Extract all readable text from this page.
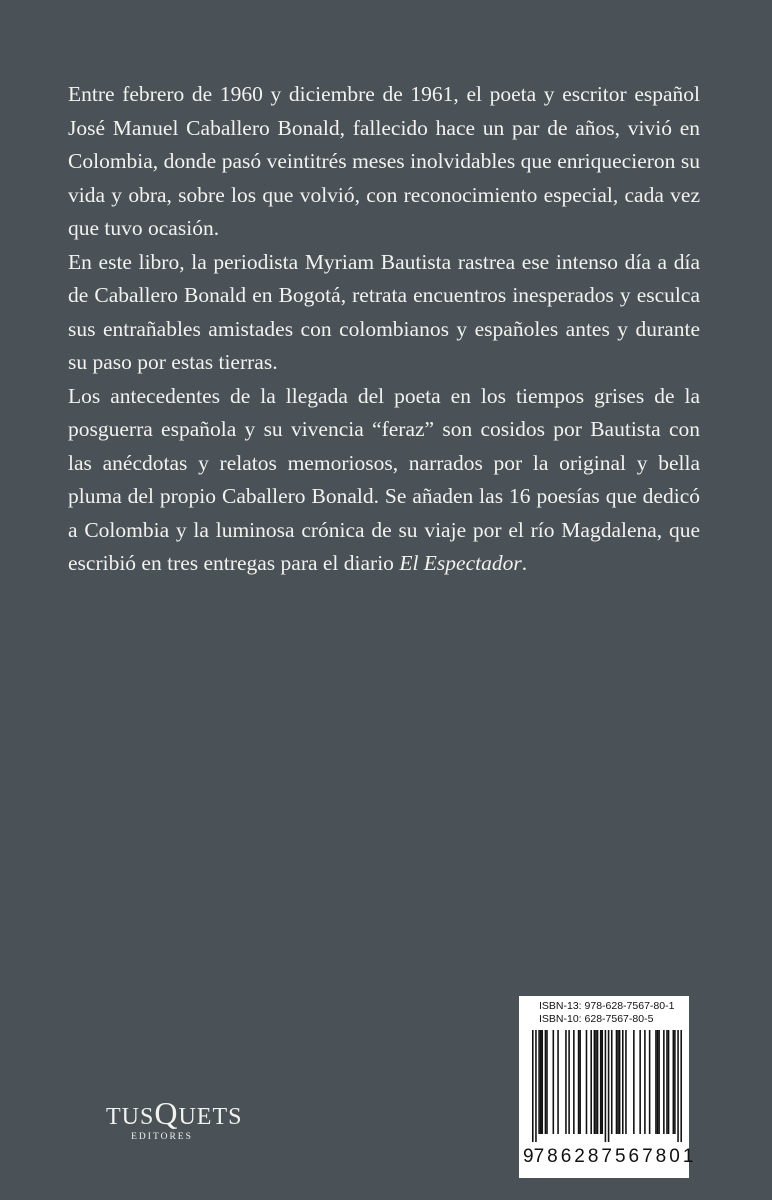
Entre febrero de 1960 y diciembre de 1961, el poeta y escritor español José Manuel Caballero Bonald, fallecido hace un par de años, vivió en Colombia, donde pasó veintitrés meses inolvidables que enriquecieron su vida y obra, sobre los que volvió, con reconocimiento especial, cada vez que tuvo ocasión.

En este libro, la periodista Myriam Bautista rastrea ese intenso día a día de Caballero Bonald en Bogotá, retrata encuentros inesperados y esculca sus entrañables amistades con colombianos y españoles antes y durante su paso por estas tierras.

Los antecedentes de la llegada del poeta en los tiempos grises de la posguerra española y su vivencia “feraz” son cosidos por Bautista con las anécdotas y relatos memoriosos, narrados por la original y bella pluma del propio Caballero Bonald. Se añaden las 16 poesías que dedicó a Colombia y la luminosa crónica de su viaje por el río Magdalena, que escribió en tres entregas para el diario El Espectador.

ISBN-13: 978-628-7567-80-1
ISBN-10: 628-7567-80-5
9 786287 567801
TUSQUETS
EDITORES
